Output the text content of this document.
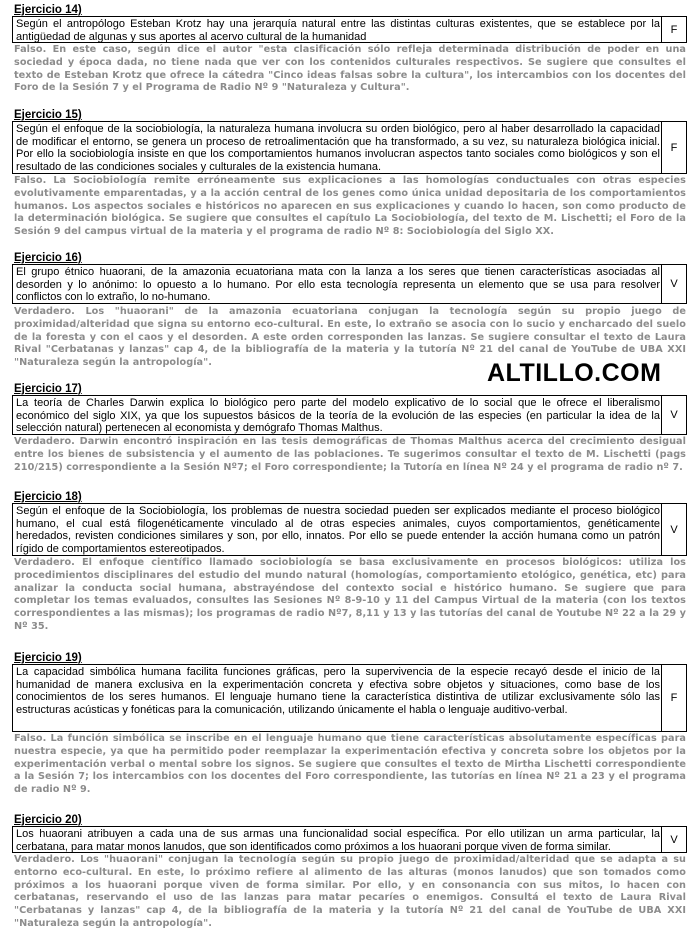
Ejercicio 14)
Según el antropólogo Esteban Krotz hay una jerarquía natural entre las distintas culturas existentes, que se establece por la antigüedad de algunas y sus aportes al acervo cultural de la humanidad
F
Falso. En este caso, según dice el autor "esta clasificación sólo refleja determinada distribución de poder en una sociedad y época dada, no tiene nada que ver con los contenidos culturales respectivos. Se sugiere que consultes el texto de Esteban Krotz que ofrece la cátedra "Cinco ideas falsas sobre la cultura", los intercambios con los docentes del Foro de la Sesión 7 y el Programa de Radio Nº 9 "Naturaleza y Cultura".
Ejercicio 15)
Según el enfoque de la sociobiología, la naturaleza humana involucra su orden biológico, pero al haber desarrollado la capacidad de modificar el entorno, se genera un proceso de retroalimentación que ha transformado, a su vez, su naturaleza biológica inicial. Por ello la sociobiología insiste en que los comportamientos humanos involucran aspectos tanto sociales como biológicos y son el resultado de las condiciones sociales y culturales de la existencia humana.
F
Falso. La Sociobiología remite erróneamente sus explicaciones a las homologías conductuales con otras especies evolutivamente emparentadas, y a la acción central de los genes como única unidad depositaria de los comportamientos humanos. Los aspectos sociales e históricos no aparecen en sus explicaciones y cuando lo hacen, son como producto de la determinación biológica. Se sugiere que consultes el capítulo La Sociobiología, del texto de M. Lischetti; el Foro de la Sesión 9 del campus virtual de la materia y el programa de radio Nº 8: Sociobiología del Siglo XX.
Ejercicio 16)
El grupo étnico huaorani, de la amazonia ecuatoriana mata con la lanza a los seres que tienen características asociadas al desorden y lo anónimo: lo opuesto a lo humano. Por ello esta tecnología representa un elemento que se usa para resolver conflictos con lo extraño, lo no-humano.
V
Verdadero. Los "huaorani" de la amazonia ecuatoriana conjugan la tecnología según su propio juego de proximidad/alteridad que signa su entorno eco-cultural. En este, lo extraño se asocia con lo sucio y encharcado del suelo de la foresta y con el caos y el desorden. A este orden corresponden las lanzas. Se sugiere consultar el texto de Laura Rival "Cerbatanas y lanzas" cap 4, de la bibliografía de la materia y la tutoría Nº 21 del canal de YouTube de UBA XXI "Naturaleza según la antropología".	ALTILLO.COM
Ejercicio 17)
La teoría de Charles Darwin explica lo biológico pero parte del modelo explicativo de lo social que le ofrece el liberalismo económico del siglo XIX, ya que los supuestos básicos de la teoría de la evolución de las especies (en particular la idea de la selección natural) pertenecen al economista y demógrafo Thomas Malthus.
V
Verdadero. Darwin encontró inspiración en las tesis demográficas de Thomas Malthus acerca del crecimiento desigual entre los bienes de subsistencia y el aumento de las poblaciones. Te sugerimos consultar el texto de M. Lischetti (pags 210/215) correspondiente a la Sesión Nº7; el Foro correspondiente; la Tutoría en línea Nº 24 y el programa de radio nº 7.
Ejercicio 18)
Según el enfoque de la Sociobiología, los problemas de nuestra sociedad pueden ser explicados mediante el proceso biológico humano, el cual está filogenéticamente vinculado al de otras especies animales, cuyos comportamientos, genéticamente heredados, revisten condiciones similares y son, por ello, innatos. Por ello se puede entender la acción humana como un patrón rígido de comportamientos estereotipados.
V
Verdadero. El enfoque científico llamado sociobiología se basa exclusivamente en procesos biológicos: utiliza los procedimientos disciplinares del estudio del mundo natural (homologías, comportamiento etológico, genética, etc) para analizar la conducta social humana, abstrayéndose del contexto social e histórico humano. Se sugiere que para completar los temas evaluados, consultes las Sesiones Nº 8-9-10 y 11 del Campus Virtual de la materia (con los textos correspondientes a las mismas); los programas de radio Nº7, 8,11 y 13 y las tutorías del canal de Youtube Nº 22 a la 29 y Nº 35.
Ejercicio 19)
La capacidad simbólica humana facilita funciones gráficas, pero la supervivencia de la especie recayó desde el inicio de la humanidad de manera exclusiva en la experimentación concreta y efectiva sobre objetos y situaciones, como base de los conocimientos de los seres humanos. El lenguaje humano tiene la característica distintiva de utilizar exclusivamente sólo las estructuras acústicas y fonéticas para la comunicación, utilizando únicamente el habla o lenguaje auditivo-verbal.
F
Falso. La función simbólica se inscribe en el lenguaje humano que tiene características absolutamente específicas para nuestra especie, ya que ha permitido poder reemplazar la experimentación efectiva y concreta sobre los objetos por la experimentación verbal o mental sobre los signos. Se sugiere que consultes el texto de Mirtha Lischetti correspondiente a la Sesión 7; los intercambios con los docentes del Foro correspondiente, las tutorías en línea Nº 21 a 23 y el programa de radio Nº 9.
Ejercicio 20)
Los huaorani atribuyen a cada una de sus armas una funcionalidad social específica. Por ello utilizan un arma particular, la cerbatana, para matar monos lanudos, que son identificados como próximos a los huaorani porque viven de forma similar.
V
Verdadero. Los "huaorani" conjugan la tecnología según su propio juego de proximidad/alteridad que se adapta a su entorno eco-cultural. En este, lo próximo refiere al alimento de las alturas (monos lanudos) que son tomados como próximos a los huaorani porque viven de forma similar. Por ello, y en consonancia con sus mitos, lo hacen con cerbatanas, reservando el uso de las lanzas para matar pecaríes o enemigos. Consultá el texto de Laura Rival "Cerbatanas y lanzas" cap 4, de la bibliografía de la materia y la tutoría Nº 21 del canal de YouTube de UBA XXI "Naturaleza según la antropología".
